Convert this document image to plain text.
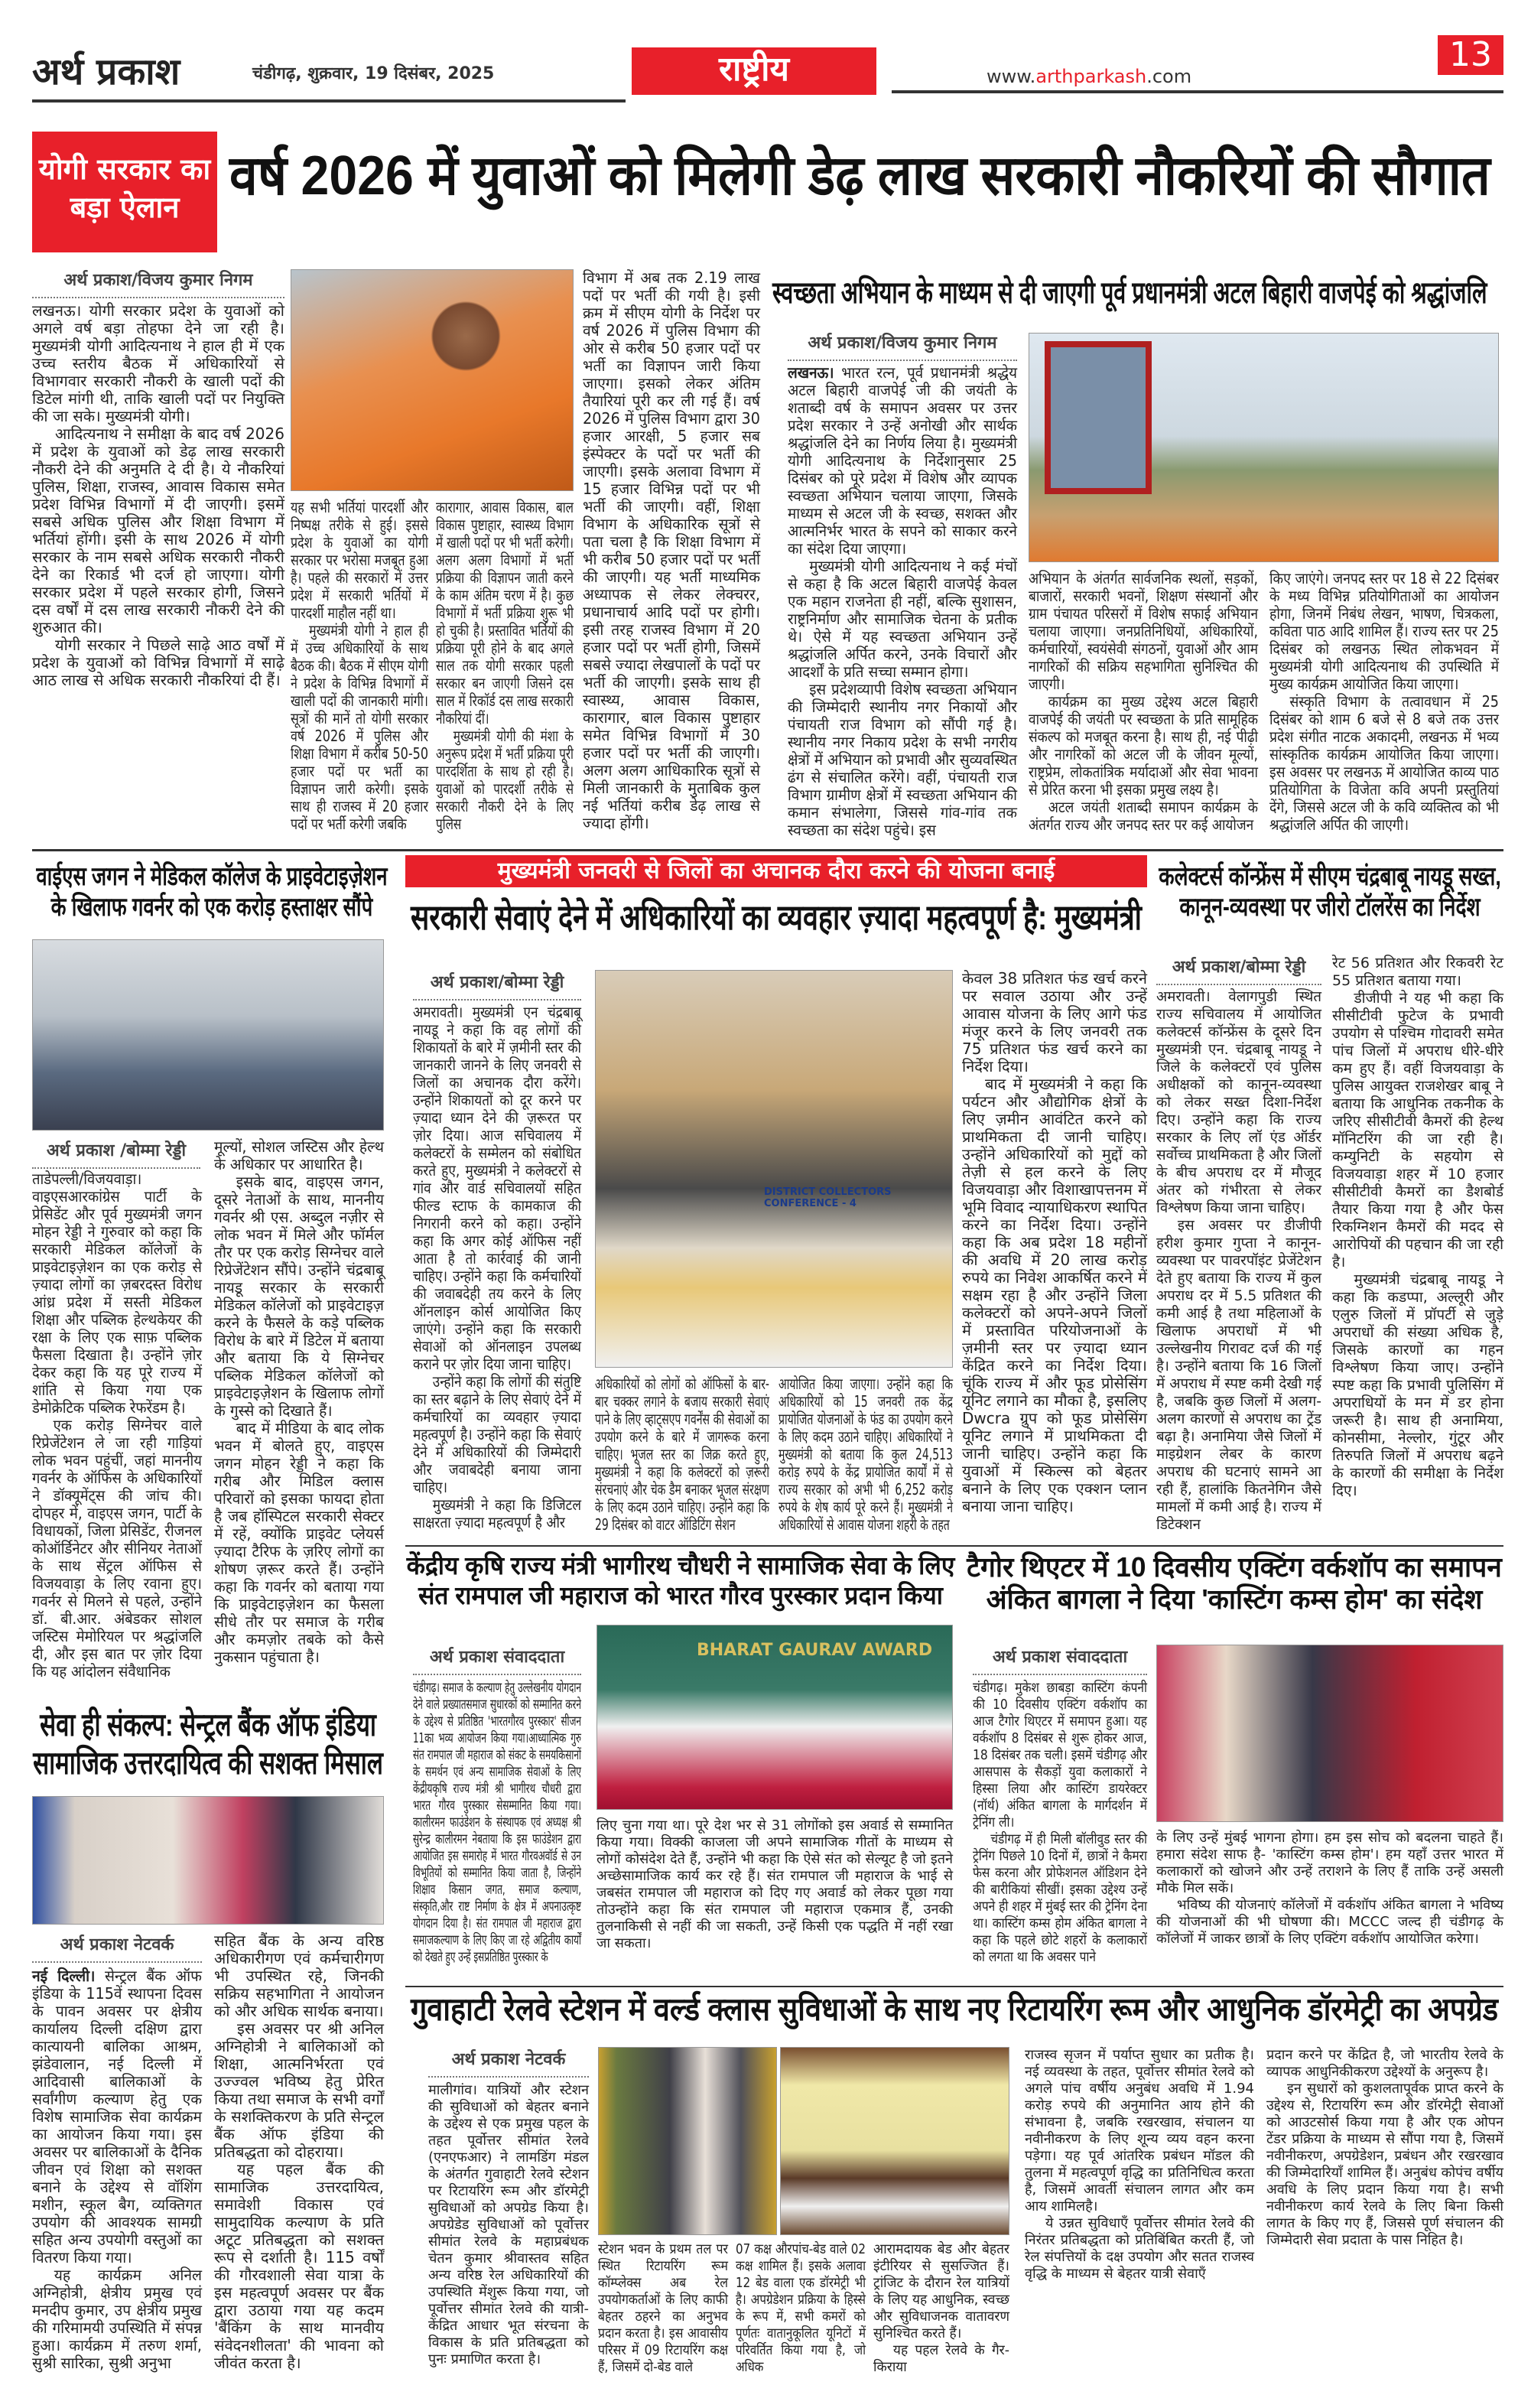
अर्थ प्रकाश	चंडीगढ़, शुक्रवार, 19 दिसंबर, 2025	राष्ट्रीय	www.arthparkash.com
13
योगी सरकार का बड़ा ऐलान
वर्ष 2026 में युवाओं को मिलेगी डेढ़ लाख सरकारी नौकरियों की सौगात
अर्थ प्रकाश/विजय कुमार निगम

लखनऊ। योगी सरकार प्रदेश के युवाओं को अगले वर्ष बड़ा तोहफा देने जा रही है। मुख्यमंत्री योगी आदित्यनाथ ने हाल ही में एक उच्च स्तरीय बैठक में अधिकारियों से विभागवार सरकारी नौकरी के खाली पदों की डिटेल मांगी थी, ताकि खाली पदों पर नियुक्ति की जा सके। मुख्यमंत्री योगी।

आदित्यनाथ ने समीक्षा के बाद वर्ष 2026 में प्रदेश के युवाओं को डेढ़ लाख सरकारी नौकरी देने की अनुमति दे दी है। ये नौकरियां पुलिस, शिक्षा, राजस्व, आवास विकास समेत प्रदेश विभिन्न विभागों में दी जाएगी। इसमें सबसे अधिक पुलिस और शिक्षा विभाग में भर्तियां होंगी। इसी के साथ 2026 में योगी सरकार के नाम सबसे अधिक सरकारी नौकरी देने का रिकार्ड भी दर्ज हो जाएगा। योगी सरकार प्रदेश में पहले सरकार होगी, जिसने दस वर्षों में दस लाख सरकारी नौकरी देने की शुरुआत की।

योगी सरकार ने पिछले साढ़े आठ वर्षों में प्रदेश के युवाओं को विभिन्न विभागों में साढ़े आठ लाख से अधिक सरकारी नौकरियां दी हैं।

यह सभी भर्तियां पारदर्शी और निष्पक्ष तरीके से हुई। इससे प्रदेश के युवाओं का योगी सरकार पर भरोसा मजबूत हुआ है। पहले की सरकारों में उत्तर प्रदेश में सरकारी भर्तियों में पारदर्शी माहौल नहीं था।

मुख्यमंत्री योगी ने हाल ही में उच्च अधिकारियों के साथ बैठक की। बैठक में सीएम योगी ने प्रदेश के विभिन्न विभागों में खाली पदों की जानकारी मांगी। सूत्रों की मानें तो योगी सरकार वर्ष 2026 में पुलिस और शिक्षा विभाग में करीब 50-50 हजार पदों पर भर्ती का विज्ञापन जारी करेगी। इसके साथ ही राजस्व में 20 हजार पदों पर भर्ती करेगी जबकि

कारागार, आवास विकास, बाल विकास पुष्टाहार, स्वास्थ्य विभाग में खाली पदों पर भी भर्ती करेगी। अलग अलग विभागों में भर्ती प्रक्रिया की विज्ञापन जाती करने के काम अंतिम चरण में है। कुछ विभागों में भर्ती प्रक्रिया शुरू भी हो चुकी है। प्रस्तावित भर्तियों की प्रक्रिया पूरी होने के बाद अगले साल तक योगी सरकार पहली सरकार बन जाएगी जिसने दस साल में रिकॉर्ड दस लाख सरकारी नौकरियां दीं।

मुख्यमंत्री योगी की मंशा के अनुरूप प्रदेश में भर्ती प्रक्रिया पूरी पारदर्शिता के साथ हो रही है। युवाओं को पारदर्शी तरीके से सरकारी नौकरी देने के लिए पुलिस

विभाग में अब तक 2.19 लाख पदों पर भर्ती की गयी है। इसी क्रम में सीएम योगी के निर्देश पर वर्ष 2026 में पुलिस विभाग की ओर से करीब 50 हजार पदों पर भर्ती का विज्ञापन जारी किया जाएगा। इसको लेकर अंतिम तैयारियां पूरी कर ली गई हैं। वर्ष 2026 में पुलिस विभाग द्वारा 30 हजार आरक्षी, 5 हजार सब इंस्पेक्टर के पदों पर भर्ती की जाएगी। इसके अलावा विभाग में 15 हजार विभिन्न पदों पर भी भर्ती की जाएगी। वहीं, शिक्षा विभाग के अधिकारिक सूत्रों से पता चला है कि शिक्षा विभाग में भी करीब 50 हजार पदों पर भर्ती की जाएगी। यह भर्ती माध्यमिक अध्यापक से लेकर लेक्चरर, प्रधानाचार्य आदि पदों पर होगी। इसी तरह राजस्व विभाग में 20 हजार पदों पर भर्ती होगी, जिसमें सबसे ज्यादा लेखपालों के पदों पर भर्ती की जाएगी। इसके साथ ही स्वास्थ्य, आवास विकास, कारागार, बाल विकास पुष्टाहार समेत विभिन्न विभागों में 30 हजार पदों पर भर्ती की जाएगी। अलग अलग आधिकारिक सूत्रों से मिली जानकारी के मुताबिक कुल नई भर्तियां करीब डेढ़ लाख से ज्यादा होंगी।

स्वच्छता अभियान के माध्यम से दी जाएगी पूर्व प्रधानमंत्री अटल बिहारी वाजपेई को श्रद्धांजलि
अर्थ प्रकाश/विजय कुमार निगम

लखनऊ। भारत रत्न, पूर्व प्रधानमंत्री श्रद्धेय अटल बिहारी वाजपेई जी की जयंती के शताब्दी वर्ष के समापन अवसर पर उत्तर प्रदेश सरकार ने उन्हें अनोखी और सार्थक श्रद्धांजलि देने का निर्णय लिया है। मुख्यमंत्री योगी आदित्यनाथ के निर्देशानुसार 25 दिसंबर को पूरे प्रदेश में विशेष और व्यापक स्वच्छता अभियान चलाया जाएगा, जिसके माध्यम से अटल जी के स्वच्छ, सशक्त और आत्मनिर्भर भारत के सपने को साकार करने का संदेश दिया जाएगा।

मुख्यमंत्री योगी आदित्यनाथ ने कई मंचों से कहा है कि अटल बिहारी वाजपेई केवल एक महान राजनेता ही नहीं, बल्कि सुशासन, राष्ट्रनिर्माण और सामाजिक चेतना के प्रतीक थे। ऐसे में यह स्वच्छता अभियान उन्हें श्रद्धांजलि अर्पित करने, उनके विचारों और आदर्शों के प्रति सच्चा सम्मान होगा।

इस प्रदेशव्यापी विशेष स्वच्छता अभियान की जिम्मेदारी स्थानीय नगर निकायों और पंचायती राज विभाग को सौंपी गई है। स्थानीय नगर निकाय प्रदेश के सभी नगरीय क्षेत्रों में अभियान को प्रभावी और सुव्यवस्थित ढंग से संचालित करेंगे। वहीं, पंचायती राज विभाग ग्रामीण क्षेत्रों में स्वच्छता अभियान की कमान संभालेगा, जिससे गांव-गांव तक स्वच्छता का संदेश पहुंचे। इस

अभियान के अंतर्गत सार्वजनिक स्थलों, सड़कों, बाजारों, सरकारी भवनों, शिक्षण संस्थानों और ग्राम पंचायत परिसरों में विशेष सफाई अभियान चलाया जाएगा। जनप्रतिनिधियों, अधिकारियों, कर्मचारियों, स्वयंसेवी संगठनों, युवाओं और आम नागरिकों की सक्रिय सहभागिता सुनिश्चित की जाएगी।

कार्यक्रम का मुख्य उद्देश्य अटल बिहारी वाजपेई की जयंती पर स्वच्छता के प्रति सामूहिक संकल्प को मजबूत करना है। साथ ही, नई पीढ़ी और नागरिकों को अटल जी के जीवन मूल्यों, राष्ट्रप्रेम, लोकतांत्रिक मर्यादाओं और सेवा भावना से प्रेरित करना भी इसका प्रमुख लक्ष्य है।

अटल जयंती शताब्दी समापन कार्यक्रम के अंतर्गत राज्य और जनपद स्तर पर कई आयोजन

किए जाएंगे। जनपद स्तर पर 18 से 22 दिसंबर के मध्य विभिन्न प्रतियोगिताओं का आयोजन होगा, जिनमें निबंध लेखन, भाषण, चित्रकला, कविता पाठ आदि शामिल हैं। राज्य स्तर पर 25 दिसंबर को लखनऊ स्थित लोकभवन में मुख्यमंत्री योगी आदित्यनाथ की उपस्थिति में मुख्य कार्यक्रम आयोजित किया जाएगा।

संस्कृति विभाग के तत्वावधान में 25 दिसंबर को शाम 6 बजे से 8 बजे तक उत्तर प्रदेश संगीत नाटक अकादमी, लखनऊ में भव्य सांस्कृतिक कार्यक्रम आयोजित किया जाएगा। इस अवसर पर लखनऊ में आयोजित काव्य पाठ प्रतियोगिता के विजेता कवि अपनी प्रस्तुतियां देंगे, जिससे अटल जी के कवि व्यक्तित्व को भी श्रद्धांजलि अर्पित की जाएगी।

वाईएस जगन ने मेडिकल कॉलेज के प्राइवेटाइज़ेशन के खिलाफ गवर्नर को एक करोड़ हस्ताक्षर सौंपे
अर्थ प्रकाश /बोम्मा रेड्डी

ताडेपल्ली/विजयवाड़ा। वाइएसआरकांग्रेस पार्टी के प्रेसिडेंट और पूर्व मुख्यमंत्री जगन मोहन रेड्डी ने गुरुवार को कहा कि सरकारी मेडिकल कॉलेजों के प्राइवेटाइज़ेशन का एक करोड़ से ज़्यादा लोगों का ज़बरदस्त विरोध आंध्र प्रदेश में सस्ती मेडिकल शिक्षा और पब्लिक हेल्थकेयर की रक्षा के लिए एक साफ़ पब्लिक फैसला दिखाता है। उन्होंने ज़ोर देकर कहा कि यह पूरे राज्य में शांति से किया गया एक डेमोक्रेटिक पब्लिक रेफरेंडम है।

एक करोड़ सिग्नेचर वाले रिप्रेजेंटेशन ले जा रही गाड़ियां लोक भवन पहुंचीं, जहां माननीय गवर्नर के ऑफिस के अधिकारियों ने डॉक्यूमेंट्स की जांच की। दोपहर में, वाइएस जगन, पार्टी के विधायकों, जिला प्रेसिडेंट, रीजनल कोऑर्डिनेटर और सीनियर नेताओं के साथ सेंट्रल ऑफिस से विजयवाड़ा के लिए रवाना हुए। गवर्नर से मिलने से पहले, उन्होंने डॉ. बी.आर. अंबेडकर सोशल जस्टिस मेमोरियल पर श्रद्धांजलि दी, और इस बात पर ज़ोर दिया कि यह आंदोलन संवैधानिक

मूल्यों, सोशल जस्टिस और हेल्थ के अधिकार पर आधारित है।

इसके बाद, वाइएस जगन, दूसरे नेताओं के साथ, माननीय गवर्नर श्री एस. अब्दुल नज़ीर से लोक भवन में मिले और फॉर्मल तौर पर एक करोड़ सिग्नेचर वाले रिप्रेजेंटेशन सौंपे। उन्होंने चंद्रबाबू नायडू सरकार के सरकारी मेडिकल कॉलेजों को प्राइवेटाइज़ करने के फैसले के कड़े पब्लिक विरोध के बारे में डिटेल में बताया और बताया कि ये सिग्नेचर पब्लिक मेडिकल कॉलेजों को प्राइवेटाइज़ेशन के खिलाफ लोगों के गुस्से को दिखाते हैं।

बाद में मीडिया के बाद लोक भवन में बोलते हुए, वाइएस जगन मोहन रेड्डी ने कहा कि गरीब और मिडिल क्लास परिवारों को इसका फायदा होता है जब हॉस्पिटल सरकारी सेक्टर में रहें, क्योंकि प्राइवेट प्लेयर्स ज़्यादा टैरिफ के ज़रिए लोगों का शोषण ज़रूर करते हैं। उन्होंने कहा कि गवर्नर को बताया गया कि प्राइवेटाइज़ेशन का फैसला सीधे तौर पर समाज के गरीब और कमज़ोर तबके को कैसे नुकसान पहुंचाता है।

सेवा ही संकल्प: सेन्ट्रल बैंक ऑफ इंडिया सामाजिक उत्तरदायित्व की सशक्त मिसाल
अर्थ प्रकाश नेटवर्क

नई दिल्ली। सेन्ट्रल बैंक ऑफ इंडिया के 115वें स्थापना दिवस के पावन अवसर पर क्षेत्रीय कार्यालय दिल्ली दक्षिण द्वारा कात्यायनी बालिका आश्रम, झंडेवालान, नई दिल्ली में आदिवासी बालिकाओं के सर्वांगीण कल्याण हेतु एक विशेष सामाजिक सेवा कार्यक्रम का आयोजन किया गया। इस अवसर पर बालिकाओं के दैनिक जीवन एवं शिक्षा को सशक्त बनाने के उद्देश्य से वॉशिंग मशीन, स्कूल बैग, व्यक्तिगत उपयोग की आवश्यक सामग्री सहित अन्य उपयोगी वस्तुओं का वितरण किया गया।

यह कार्यक्रम अनिल अग्निहोत्री, क्षेत्रीय प्रमुख एवं मनदीप कुमार, उप क्षेत्रीय प्रमुख की गरिमामयी उपस्थिति में संपन्न हुआ। कार्यक्रम में तरुण शर्मा, सुश्री सारिका, सुश्री अनुभा

सहित बैंक के अन्य वरिष्ठ अधिकारीगण एवं कर्मचारीगण भी उपस्थित रहे, जिनकी सक्रिय सहभागिता ने आयोजन को और अधिक सार्थक बनाया।

इस अवसर पर श्री अनिल अग्निहोत्री ने बालिकाओं को शिक्षा, आत्मनिर्भरता एवं उज्ज्वल भविष्य हेतु प्रेरित किया तथा समाज के सभी वर्गों के सशक्तिकरण के प्रति सेन्ट्रल बैंक ऑफ इंडिया की प्रतिबद्धता को दोहराया।

यह पहल बैंक की सामाजिक उत्तरदायित्व, समावेशी विकास एवं सामुदायिक कल्याण के प्रति अटूट प्रतिबद्धता को सशक्त रूप से दर्शाती है। 115 वर्षों की गौरवशाली सेवा यात्रा के इस महत्वपूर्ण अवसर पर बैंक द्वारा उठाया गया यह कदम 'बैंकिंग के साथ मानवीय संवेदनशीलता' की भावना को जीवंत करता है।

मुख्यमंत्री जनवरी से जिलों का अचानक दौरा करने की योजना बनाई
सरकारी सेवाएं देने में अधिकारियों का व्यवहार ज़्यादा महत्वपूर्ण है: मुख्यमंत्री
अर्थ प्रकाश/बोम्मा रेड्डी

अमरावती। मुख्यमंत्री एन चंद्रबाबू नायडू ने कहा कि वह लोगों की शिकायतों के बारे में ज़मीनी स्तर की जानकारी जानने के लिए जनवरी से जिलों का अचानक दौरा करेंगे। उन्होंने शिकायतों को दूर करने पर ज़्यादा ध्यान देने की ज़रूरत पर ज़ोर दिया। आज सचिवालय में कलेक्टरों के सम्मेलन को संबोधित करते हुए, मुख्यमंत्री ने कलेक्टरों से गांव और वार्ड सचिवालयों सहित फील्ड स्टाफ के कामकाज की निगरानी करने को कहा। उन्होंने कहा कि अगर कोई ऑफिस नहीं आता है तो कार्रवाई की जानी चाहिए। उन्होंने कहा कि कर्मचारियों की जवाबदेही तय करने के लिए ऑनलाइन कोर्स आयोजित किए जाएंगे। उन्होंने कहा कि सरकारी सेवाओं को ऑनलाइन उपलब्ध कराने पर ज़ोर दिया जाना चाहिए।

उन्होंने कहा कि लोगों की संतुष्टि का स्तर बढ़ाने के लिए सेवाएं देने में कर्मचारियों का व्यवहार ज़्यादा महत्वपूर्ण है। उन्होंने कहा कि सेवाएं देने में अधिकारियों की जिम्मेदारी और जवाबदेही बनाया जाना चाहिए।

मुख्यमंत्री ने कहा कि डिजिटल साक्षरता ज़्यादा महत्वपूर्ण है और

DISTRICT COLLECTORS CONFERENCE - 4

अधिकारियों को लोगों को ऑफिसों के बार-बार चक्कर लगाने के बजाय सरकारी सेवाएं पाने के लिए व्हाट्सएप गवर्नेंस की सेवाओं का उपयोग करने के बारे में जागरूक करना चाहिए। भूजल स्तर का जिक्र करते हुए, मुख्यमंत्री ने कहा कि कलेक्टरों को ज़रूरी संरचनाएं और चेक डैम बनाकर भूजल संरक्षण के लिए कदम उठाने चाहिए। उन्होंने कहा कि 29 दिसंबर को वाटर ऑडिटिंग सेशन

आयोजित किया जाएगा। उन्होंने कहा कि अधिकारियों को 15 जनवरी तक केंद्र प्रायोजित योजनाओं के फंड का उपयोग करने के लिए कदम उठाने चाहिए। अधिकारियों ने मुख्यमंत्री को बताया कि कुल 24,513 करोड़ रुपये के केंद्र प्रायोजित कार्यों में से राज्य सरकार को अभी भी 6,252 करोड़ रुपये के शेष कार्य पूरे करने हैं। मुख्यमंत्री ने अधिकारियों से आवास योजना शहरी के तहत

केवल 38 प्रतिशत फंड खर्च करने पर सवाल उठाया और उन्हें आवास योजना के लिए आगे फंड मंजूर करने के लिए जनवरी तक 75 प्रतिशत फंड खर्च करने का निर्देश दिया।

बाद में मुख्यमंत्री ने कहा कि पर्यटन और औद्योगिक क्षेत्रों के लिए ज़मीन आवंटित करने को प्राथमिकता दी जानी चाहिए। उन्होंने अधिकारियों को मुद्दों को तेज़ी से हल करने के लिए विजयवाड़ा और विशाखापत्तनम में भूमि विवाद न्यायाधिकरण स्थापित करने का निर्देश दिया। उन्होंने कहा कि अब प्रदेश 18 महीनों की अवधि में 20 लाख करोड़ रुपये का निवेश आकर्षित करने में सक्षम रहा है और उन्होंने जिला कलेक्टरों को अपने-अपने जिलों में प्रस्तावित परियोजनाओं के ज़मीनी स्तर पर ज़्यादा ध्यान केंद्रित करने का निर्देश दिया। चूंकि राज्य में और फूड प्रोसेसिंग यूनिट लगाने का मौका है, इसलिए Dwcra ग्रुप को फूड प्रोसेसिंग यूनिट लगाने में प्राथमिकता दी जानी चाहिए। उन्होंने कहा कि युवाओं में स्किल्स को बेहतर बनाने के लिए एक एक्शन प्लान बनाया जाना चाहिए।

कलेक्टर्स कॉन्फ्रेंस में सीएम चंद्रबाबू नायडू सख्त, कानून-व्यवस्था पर जीरो टॉलरेंस का निर्देश
अर्थ प्रकाश/बोम्मा रेड्डी

अमरावती। वेलागपुडी स्थित राज्य सचिवालय में आयोजित कलेक्टर्स कॉन्फ्रेंस के दूसरे दिन मुख्यमंत्री एन. चंद्रबाबू नायडू ने जिले के कलेक्टरों एवं पुलिस अधीक्षकों को कानून-व्यवस्था को लेकर सख्त दिशा-निर्देश दिए। उन्होंने कहा कि राज्य सरकार के लिए लॉ एंड ऑर्डर सर्वोच्च प्राथमिकता है और जिलों के बीच अपराध दर में मौजूद अंतर को गंभीरता से लेकर विश्लेषण किया जाना चाहिए।

इस अवसर पर डीजीपी हरीश कुमार गुप्ता ने कानून-व्यवस्था पर पावरपॉइंट प्रेजेंटेशन देते हुए बताया कि राज्य में कुल अपराध दर में 5.5 प्रतिशत की कमी आई है तथा महिलाओं के खिलाफ अपराधों में भी उल्लेखनीय गिरावट दर्ज की गई है। उन्होंने बताया कि 16 जिलों में अपराध में स्पष्ट कमी देखी गई है, जबकि कुछ जिलों में अलग-अलग कारणों से अपराध का ट्रेंड बढ़ा है। अनामिया जैसे जिलों में माइग्रेशन लेबर के कारण अपराध की घटनाएं सामने आ रही हैं, हालांकि कितनेगिन जैसे मामलों में कमी आई है। राज्य में डिटेक्शन

रेट 56 प्रतिशत और रिकवरी रेट 55 प्रतिशत बताया गया।

डीजीपी ने यह भी कहा कि सीसीटीवी फुटेज के प्रभावी उपयोग से पश्चिम गोदावरी समेत पांच जिलों में अपराध धीरे-धीरे कम हुए हैं। वहीं विजयवाड़ा के पुलिस आयुक्त राजशेखर बाबू ने बताया कि आधुनिक तकनीक के जरिए सीसीटीवी कैमरों की हेल्थ मॉनिटरिंग की जा रही है। कम्युनिटी के सहयोग से विजयवाड़ा शहर में 10 हजार सीसीटीवी कैमरों का डैशबोर्ड तैयार किया गया है और फेस रिकग्निशन कैमरों की मदद से आरोपियों की पहचान की जा रही है।

मुख्यमंत्री चंद्रबाबू नायडू ने कहा कि कडप्पा, अल्लूरी और एलुरु जिलों में प्रॉपर्टी से जुड़े अपराधों की संख्या अधिक है, जिसके कारणों का गहन विश्लेषण किया जाए। उन्होंने स्पष्ट कहा कि प्रभावी पुलिसिंग में अपराधियों के मन में डर होना जरूरी है। साथ ही अनामिया, कोनसीमा, नेल्लोर, गुंटूर और तिरुपति जिलों में अपराध बढ़ने के कारणों की समीक्षा के निर्देश दिए।

केंद्रीय कृषि राज्य मंत्री भागीरथ चौधरी ने सामाजिक सेवा के लिए संत रामपाल जी महाराज को भारत गौरव पुरस्कार प्रदान किया
अर्थ प्रकाश संवाददाता

चंडीगढ़। समाज के कल्याण हेतु उल्लेखनीय योगदान देने वाले प्रख्यातसमाज सुधारकों को सम्मानित करने के उद्देश्य से प्रतिष्ठित 'भारतगौरव पुरस्कार' सीजन 11का भव्य आयोजन किया गया।आध्यात्मिक गुरु संत रामपाल जी महाराज को संकट के समयकिसानों के समर्थन एवं अन्य सामाजिक सेवाओं के लिए केंद्रीयकृषि राज्य मंत्री श्री भागीरथ चौधरी द्वारा भारत गौरव पुरस्कार सेसम्मानित किया गया। कालीरमन फाउंडेशन के संस्थापक एवं अध्यक्ष श्री सुरेन्द्र कालीरमन नेबताया कि इस फाउंडेशन द्वारा आयोजित इस समारोह में भारत गौरवअवॉर्ड से उन विभूतियों को सम्मानित किया जाता है, जिन्होंने शिक्षाव किसान जगत, समाज कल्याण, संस्कृति,और राष्ट निर्माण के क्षेत्र में अपनाउत्कृष्ट योगदान दिया है। संत रामपाल जी महाराज द्वारा समाजकल्याण के लिए किए जा रहे अद्वितीय कार्यों को देखते हुए उन्हें इसप्रतिष्ठित पुरस्कार के

BHARAT GAURAV AWARD

लिए चुना गया था। पूरे देश भर से 31 लोगोंको इस अवार्ड से सम्मानित किया गया। विक्की काजला जी अपने सामाजिक गीतों के माध्यम से लोगों कोसंदेश देते हैं, उन्होंने भी कहा कि ऐसे संत को सेल्यूट है जो इतने अच्छेसामाजिक कार्य कर रहे हैं। संत रामपाल जी महाराज के भाई से जबसंत रामपाल जी महाराज को दिए गए अवार्ड को लेकर पूछा गया तोउन्होंने कहा कि संत रामपाल जी महाराज एकमात्र हैं, उनकी तुलनाकिसी से नहीं की जा सकती, उन्हें किसी एक पद्धति में नहीं रखा जा सकता।

टैगोर थिएटर में 10 दिवसीय एक्टिंग वर्कशॉप का समापन अंकित बागला ने दिया 'कास्टिंग कम्स होम' का संदेश
अर्थ प्रकाश संवाददाता

चंडीगढ़। मुकेश छाबड़ा कास्टिंग कंपनी की 10 दिवसीय एक्टिंग वर्कशॉप का आज टैगोर थिएटर में समापन हुआ। यह वर्कशॉप 8 दिसंबर से शुरू होकर आज, 18 दिसंबर तक चली। इसमें चंडीगढ़ और आसपास के सैकड़ों युवा कलाकारों ने हिस्सा लिया और कास्टिंग डायरेक्टर (नॉर्थ) अंकित बागला के मार्गदर्शन में ट्रेनिंग ली।

चंडीगढ़ में ही मिली बॉलीवुड स्तर की ट्रेनिंग पिछले 10 दिनों में, छात्रों ने कैमरा फेस करना और प्रोफेशनल ऑडिशन देने की बारीकियां सीखीं। इसका उद्देश्य उन्हें अपने ही शहर में मुंबई स्तर की ट्रेनिंग देना था। कास्टिंग कम्स होम अंकित बागला ने कहा कि पहले छोटे शहरों के कलाकारों को लगता था कि अवसर पाने

के लिए उन्हें मुंबई भागना होगा। हम इस सोच को बदलना चाहते हैं। हमारा संदेश साफ है- 'कास्टिंग कम्स होम'। हम यहाँ उत्तर भारत में कलाकारों को खोजने और उन्हें तराशने के लिए हैं ताकि उन्हें असली मौके मिल सकें।

भविष्य की योजनाएं कॉलेजों में वर्कशॉप अंकित बागला ने भविष्य की योजनाओं की भी घोषणा की। MCCC जल्द ही चंडीगढ़ के कॉलेजों में जाकर छात्रों के लिए एक्टिंग वर्कशॉप आयोजित करेगा।

गुवाहाटी रेलवे स्टेशन में वर्ल्ड क्लास सुविधाओं के साथ नए रिटायरिंग रूम और आधुनिक डॉरमेट्री का अपग्रेड
अर्थ प्रकाश नेटवर्क

मालीगांव। यात्रियों और स्टेशन की सुविधाओं को बेहतर बनाने के उद्देश्य से एक प्रमुख पहल के तहत पूर्वोत्तर सीमांत रेलवे (एनएफआर) ने लामडिंग मंडल के अंतर्गत गुवाहाटी रेलवे स्टेशन पर रिटायरिंग रूम और डॉरमेट्री सुविधाओं को अपग्रेड किया है। अपग्रेडेड सुविधाओं को पूर्वोत्तर सीमांत रेलवे के महाप्रबंधक चेतन कुमार श्रीवास्तव सहित अन्य वरिष्ठ रेल अधिकारियों की उपस्थिति मेंशुरू किया गया, जो पूर्वोत्तर सीमांत रेलवे की यात्री-केंद्रित आधार भूत संरचना के विकास के प्रति प्रतिबद्धता को पुनः प्रमाणित करता है।

स्टेशन भवन के प्रथम तल पर स्थित रिटायरिंग रूम कॉम्प्लेक्स अब रेल उपयोगकर्ताओं के लिए काफी बेहतर ठहरने का अनुभव प्रदान करता है। इस आवासीय परिसर में 09 रिटायरिंग कक्ष हैं, जिसमें दो-बेड वाले

07 कक्ष औरपांच-बेड वाले 02 कक्ष शामिल हैं। इसके अलावा 12 बेड वाला एक डॉरमेट्री भी है। अपग्रेडेशन प्रक्रिया के हिस्से के रूप में, सभी कमरों को पूर्णतः वातानुकूलित यूनिटों में परिवर्तित किया गया है, जो अधिक

आरामदायक बेड और बेहतर इंटीरियर से सुसज्जित हैं। ट्रांजिट के दौरान रेल यात्रियों के लिए यह आधुनिक, स्वच्छ और सुविधाजनक वातावरण सुनिश्चित करते हैं।

यह पहल रेलवे के गैर-किराया

राजस्व सृजन में पर्याप्त सुधार का प्रतीक है। नई व्यवस्था के तहत, पूर्वोत्तर सीमांत रेलवे को अगले पांच वर्षीय अनुबंध अवधि में 1.94 करोड़ रुपये की अनुमानित आय होने की संभावना है, जबकि रखरखाव, संचालन या नवीनीकरण के लिए शून्य व्यय वहन करना पड़ेगा। यह पूर्व आंतरिक प्रबंधन मॉडल की तुलना में महत्वपूर्ण वृद्धि का प्रतिनिधित्व करता है, जिसमें आवर्ती संचालन लागत और कम आय शामिलहै।

ये उन्नत सुविधाएँ पूर्वोत्तर सीमांत रेलवे की निरंतर प्रतिबद्धता को प्रतिबिंबित करती हैं, जो रेल संपत्तियों के दक्ष उपयोग और सतत राजस्व वृद्धि के माध्यम से बेहतर यात्री सेवाएँ

प्रदान करने पर केंद्रित है, जो भारतीय रेलवे के व्यापक आधुनिकीकरण उद्देश्यों के अनुरूप है।

इन सुधारों को कुशलतापूर्वक प्राप्त करने के उद्देश्य से, रिटायरिंग रूम और डॉरमेट्री सेवाओं को आउटसोर्स किया गया है और एक ओपन टेंडर प्रक्रिया के माध्यम से सौंपा गया है, जिसमें नवीनीकरण, अपग्रेडेशन, प्रबंधन और रखरखाव की जिम्मेदारियाँ शामिल हैं। अनुबंध कोपंच वर्षीय अवधि के लिए प्रदान किया गया है। सभी नवीनीकरण कार्य रेलवे के लिए बिना किसी लागत के किए गए हैं, जिससे पूर्ण संचालन की जिम्मेदारी सेवा प्रदाता के पास निहित है।
